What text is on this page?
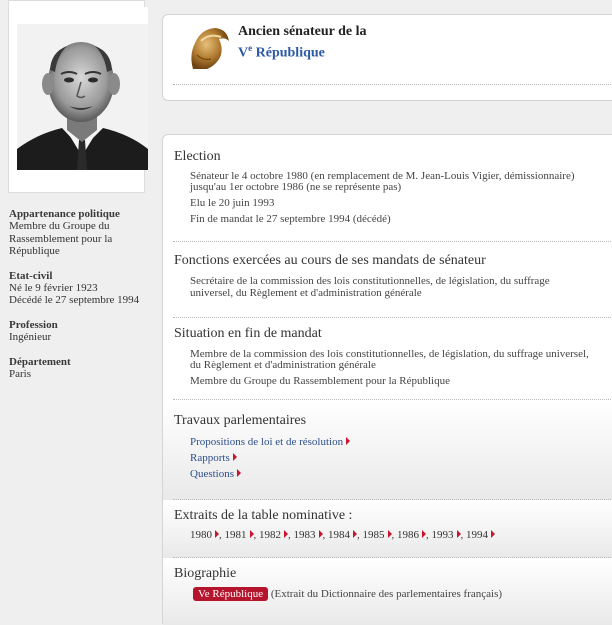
Appartenance politique
Membre du Groupe du
Rassemblement pour la
République
Etat-civil
Né le 9 février 1923
Décédé le 27 septembre 1994
Profession
Ingénieur
Département
Paris
Ancien sénateur de la
Ve République
Election
Sénateur le 4 octobre 1980 (en remplacement de M. Jean-Louis Vigier, démissionnaire)
jusqu'au 1er octobre 1986 (ne se représente pas)
Elu le 20 juin 1993
Fin de mandat le 27 septembre 1994 (décédé)
Fonctions exercées au cours de ses mandats de sénateur
Secrétaire de la commission des lois constitutionnelles, de législation, du suffrage
universel, du Règlement et d'administration générale
Situation en fin de mandat
Membre de la commission des lois constitutionnelles, de législation, du suffrage universel,
du Règlement et d'administration générale
Membre du Groupe du Rassemblement pour la République
Travaux parlementaires
Propositions de loi et de résolution
Rapports
Questions
Extraits de la table nominative :
1980 , 1981 , 1982 , 1983 , 1984 , 1985 , 1986 , 1993 , 1994
Biographie
Ve République (Extrait du Dictionnaire des parlementaires français)
